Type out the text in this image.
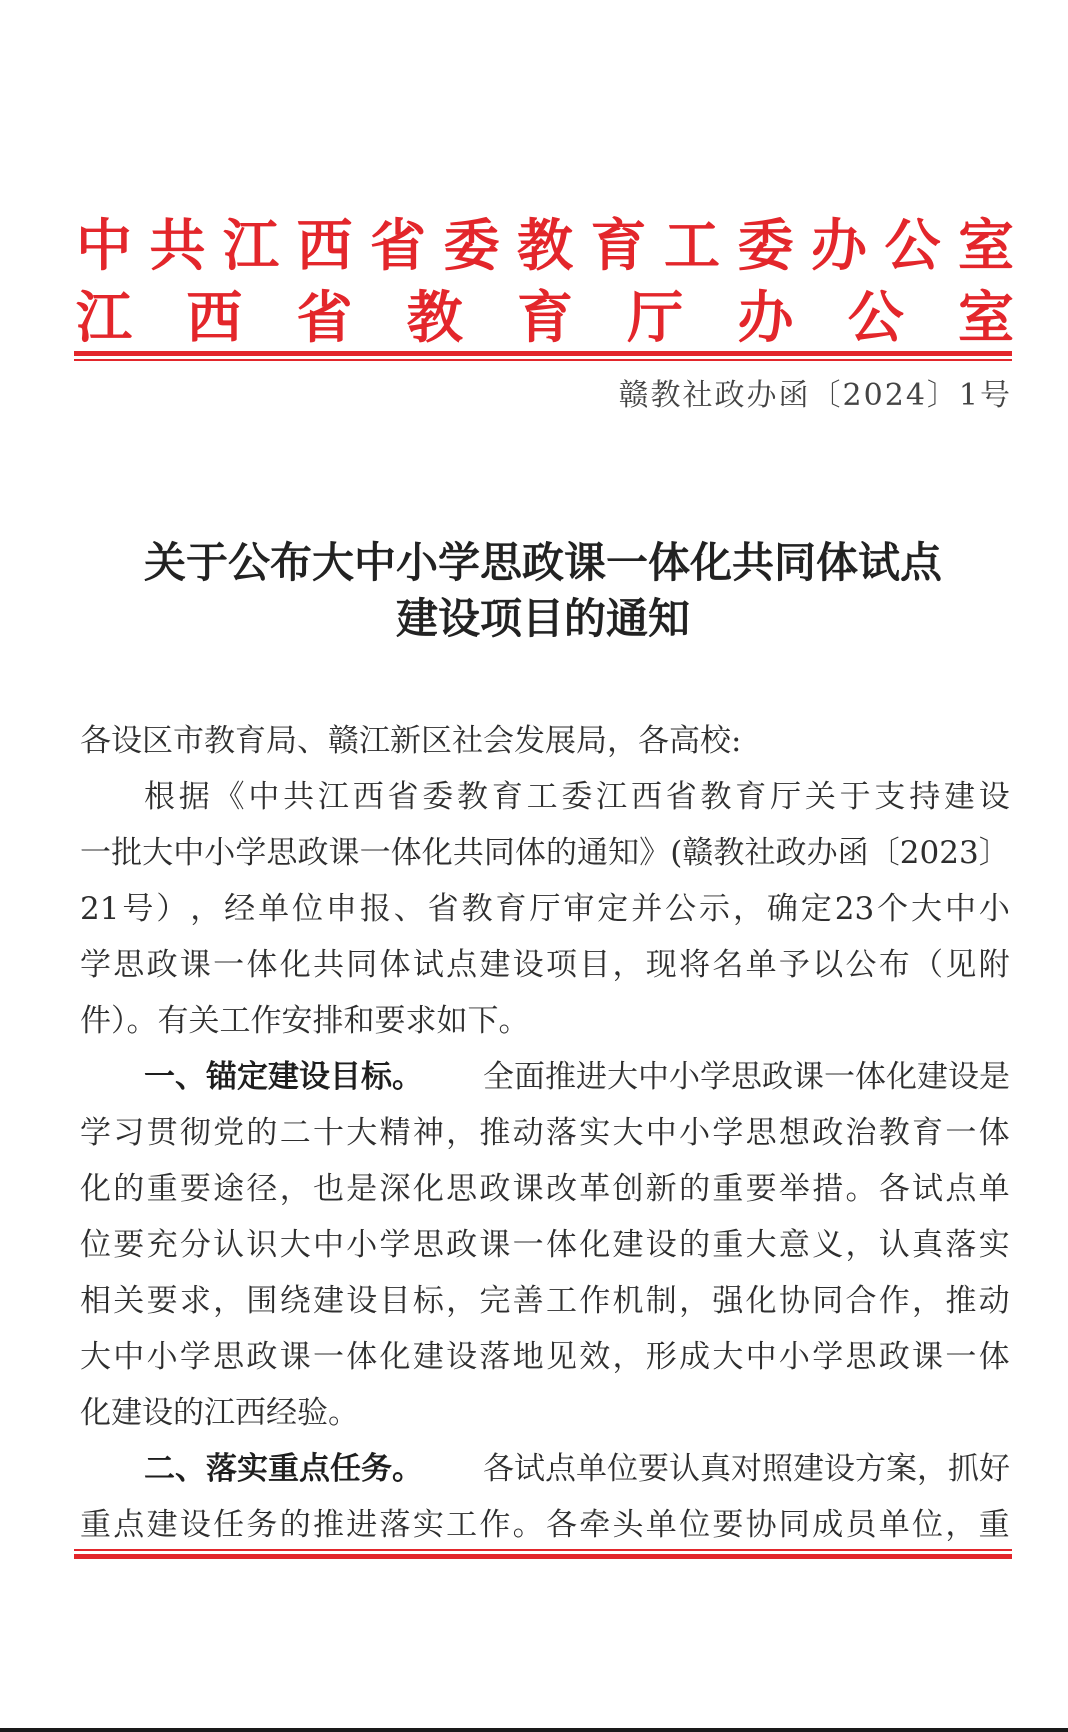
中 共 江 西 省 委 教 育 工 委 办 公 室
江 西 省 教 育 厅 办 公 室
赣教社政办函〔2024〕1号
关于公布大中小学思政课一体化共同体试点
建设项目的通知
各设区市教育局、赣江新区社会发展局，各高校:
根 据 《 中 共 江 西 省 委 教 育 工 委 江 西 省 教 育 厅 关 于 支 持 建 设
一 批 大 中 小 学 思 政 课 一 体 化 共 同 体 的 通 知 》 ( 赣 教 社 政 办 函 〔 2023 〕
21 号 ） ， 经 单 位 申 报 、 省 教 育 厅 审 定 并 公 示 ， 确 定 23 个 大 中 小
学 思 政 课 一 体 化 共 同 体 试 点 建 设 项 目 ， 现 将 名 单 予 以 公 布 （ 见 附
件）。有关工作安排和要求如下。
一、锚定建设目标。 全面推进大中小学思政课一体化建设是
学 习 贯 彻 党 的 二 十 大 精 神 ， 推 动 落 实 大 中 小 学 思 想 政 治 教 育 一 体
化 的 重 要 途 径 ， 也 是 深 化 思 政 课 改 革 创 新 的 重 要 举 措 。 各 试 点 单
位 要 充 分 认 识 大 中 小 学 思 政 课 一 体 化 建 设 的 重 大 意 义 ， 认 真 落 实
相 关 要 求 ， 围 绕 建 设 目 标 ， 完 善 工 作 机 制 ， 强 化 协 同 合 作 ， 推 动
大 中 小 学 思 政 课 一 体 化 建 设 落 地 见 效 ， 形 成 大 中 小 学 思 政 课 一 体
化建设的江西经验。
二、落实重点任务。 各试点单位要认真对照建设方案，抓好
重 点 建 设 任 务 的 推 进 落 实 工 作 。 各 牵 头 单 位 要 协 同 成 员 单 位 ， 重
